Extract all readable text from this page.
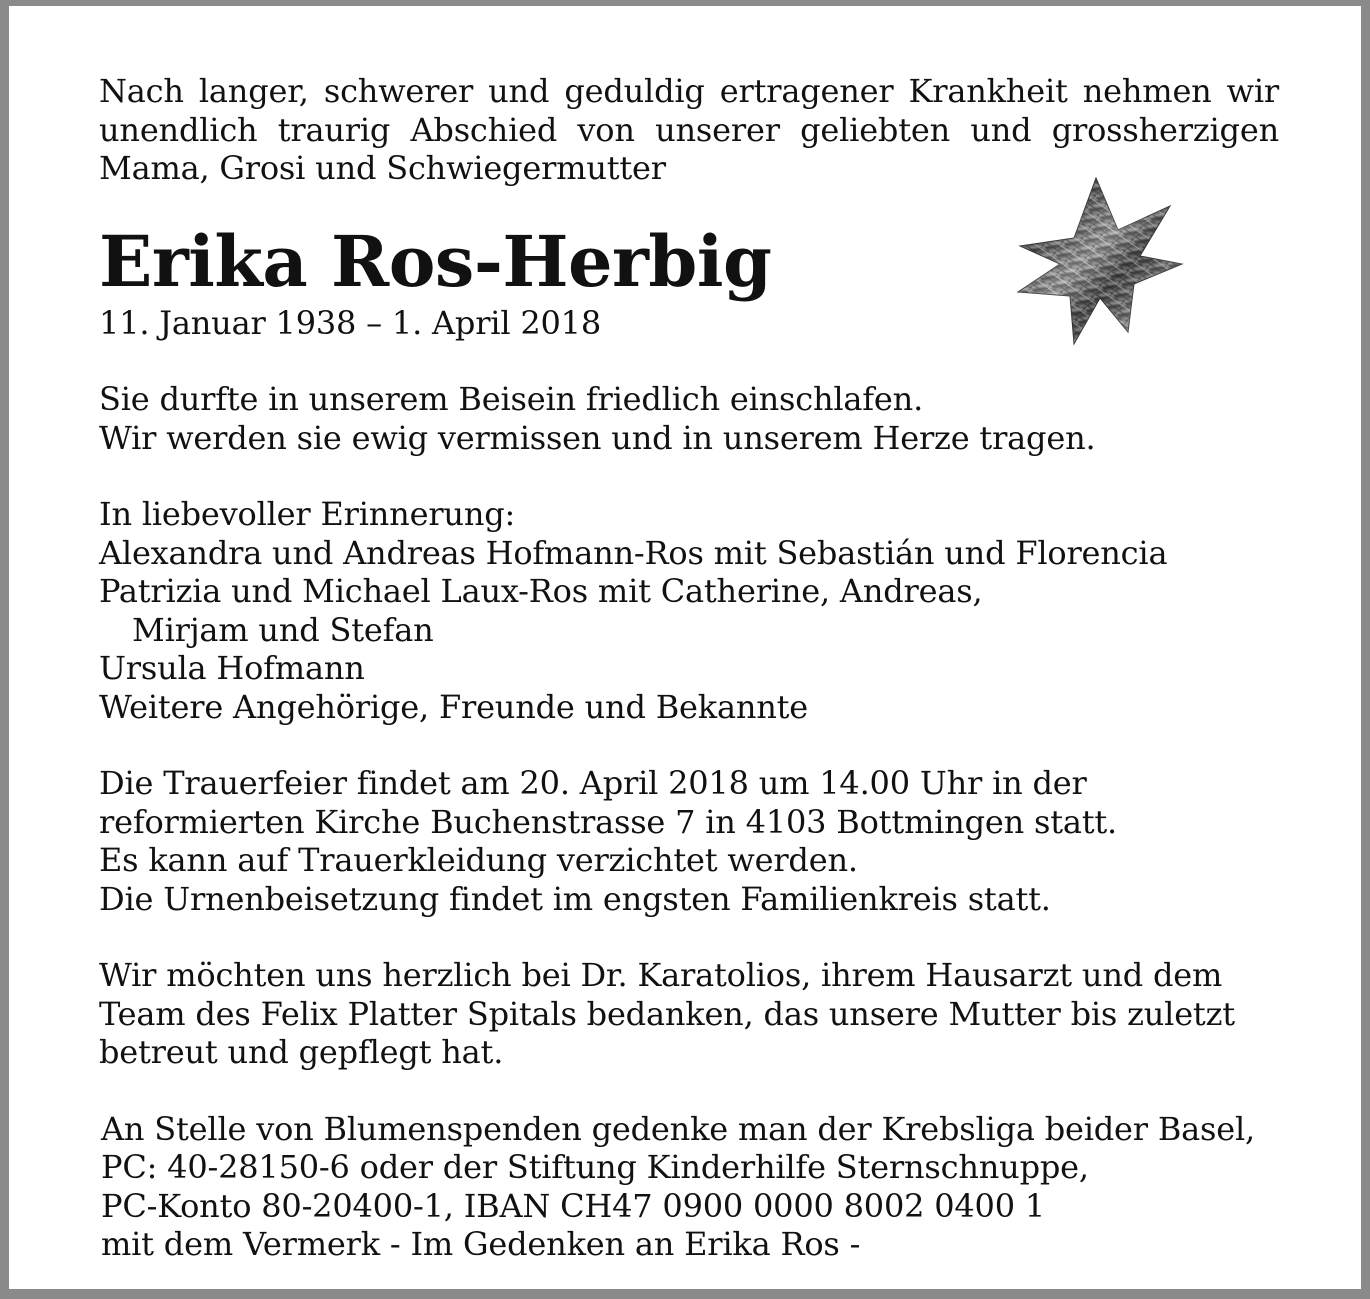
Nach langer, schwerer und geduldig ertragener Krankheit nehmen wir
unendlich traurig Abschied von unserer geliebten und grossherzigen
Mama, Grosi und Schwiegermutter
Erika Ros-Herbig
11. Januar 1938 – 1. April 2018
Sie durfte in unserem Beisein friedlich einschlafen.
Wir werden sie ewig vermissen und in unserem Herze tragen.
In liebevoller Erinnerung:
Alexandra und Andreas Hofmann-Ros mit Sebastián und Florencia
Patrizia und Michael Laux-Ros mit Catherine, Andreas,
Mirjam und Stefan
Ursula Hofmann
Weitere Angehörige, Freunde und Bekannte
Die Trauerfeier findet am 20. April 2018 um 14.00 Uhr in der
reformierten Kirche Buchenstrasse 7 in 4103 Bottmingen statt.
Es kann auf Trauerkleidung verzichtet werden.
Die Urnenbeisetzung findet im engsten Familienkreis statt.
Wir möchten uns herzlich bei Dr. Karatolios, ihrem Hausarzt und dem
Team des Felix Platter Spitals bedanken, das unsere Mutter bis zuletzt
betreut und gepflegt hat.
An Stelle von Blumenspenden gedenke man der Krebsliga beider Basel,
PC: 40-28150-6 oder der Stiftung Kinderhilfe Sternschnuppe,
PC-Konto 80-20400-1, IBAN CH47 0900 0000 8002 0400 1
mit dem Vermerk - Im Gedenken an Erika Ros -
